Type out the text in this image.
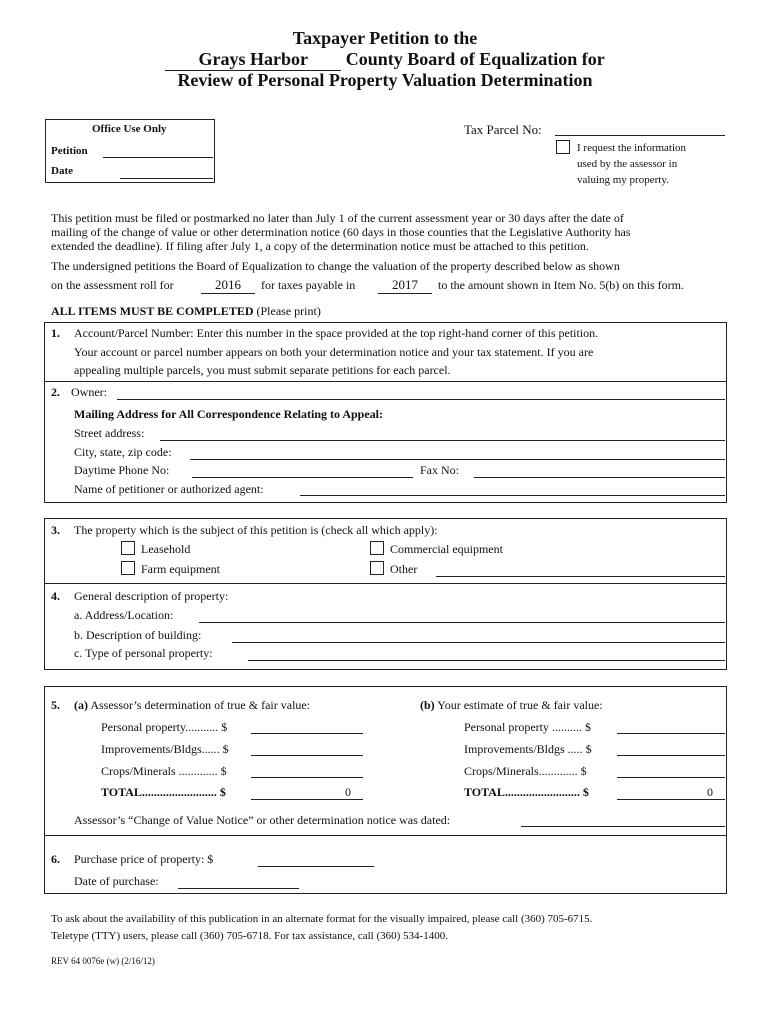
Taxpayer Petition to the
Grays Harbor County Board of Equalization for
Review of Personal Property Valuation Determination
Office Use Only
Petition
Date
Tax Parcel No:
I request the information
used by the assessor in
valuing my property.
This petition must be filed or postmarked no later than July 1 of the current assessment year or 30 days after the date of
mailing of the change of value or other determination notice (60 days in those counties that the Legislative Authority has
extended the deadline). If filing after July 1, a copy of the determination notice must be attached to this petition.
The undersigned petitions the Board of Equalization to change the valuation of the property described below as shown
on the assessment roll for	2016	for taxes payable in	2017	to the amount shown in Item No. 5(b) on this form.
ALL ITEMS MUST BE COMPLETED (Please print)
1. Account/Parcel Number: Enter this number in the space provided at the top right-hand corner of this petition.
Your account or parcel number appears on both your determination notice and your tax statement. If you are
appealing multiple parcels, you must submit separate petitions for each parcel.
2. Owner:
Mailing Address for All Correspondence Relating to Appeal:
Street address:
City, state, zip code:
Daytime Phone No:	Fax No:
Name of petitioner or authorized agent:
3. The property which is the subject of this petition is (check all which apply):
Leasehold	Commercial equipment
Farm equipment	Other
4. General description of property:
a. Address/Location:
b. Description of building:
c. Type of personal property:
5. (a) Assessor’s determination of true & fair value:	(b) Your estimate of true & fair value:
Personal property........... $
Improvements/Bldgs...... $
Crops/Minerals ............. $
TOTAL......................... $	0
Personal property .......... $
Improvements/Bldgs ..... $
Crops/Minerals............. $
TOTAL......................... $	0
Assessor’s “Change of Value Notice” or other determination notice was dated:
6. Purchase price of property: $
Date of purchase:
To ask about the availability of this publication in an alternate format for the visually impaired, please call (360) 705-6715.
Teletype (TTY) users, please call (360) 705-6718. For tax assistance, call (360) 534-1400.
REV 64 0076e (w) (2/16/12)
